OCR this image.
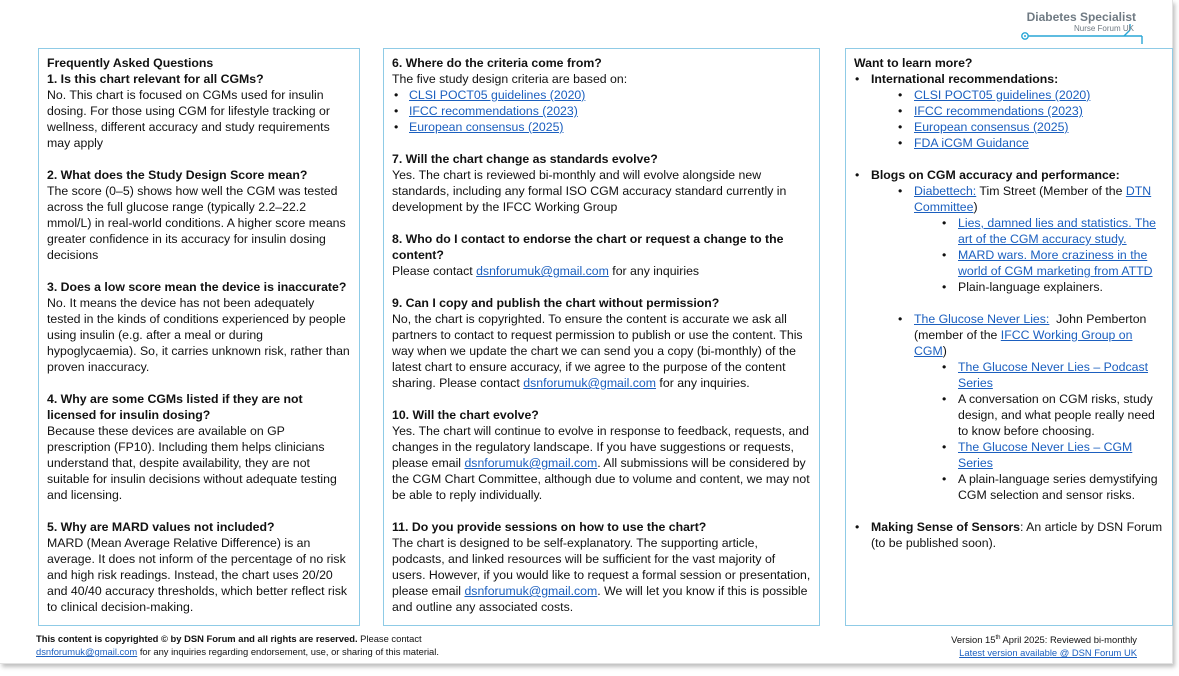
Diabetes Specialist
Nurse Forum UK

Frequently Asked Questions

1. Is this chart relevant for all CGMs?

No. This chart is focused on CGMs used for insulin dosing. For those using CGM for lifestyle tracking or wellness, different accuracy and study requirements may apply

2. What does the Study Design Score mean?

The score (0–5) shows how well the CGM was tested across the full glucose range (typically 2.2–22.2 mmol/L) in real-world conditions. A higher score means greater confidence in its accuracy for insulin dosing decisions

3. Does a low score mean the device is inaccurate?

No. It means the device has not been adequately tested in the kinds of conditions experienced by people using insulin (e.g. after a meal or during hypoglycaemia). So, it carries unknown risk, rather than proven inaccuracy.

4. Why are some CGMs listed if they are not licensed for insulin dosing?

Because these devices are available on GP prescription (FP10). Including them helps clinicians understand that, despite availability, they are not suitable for insulin decisions without adequate testing and licensing.

5. Why are MARD values not included?

MARD (Mean Average Relative Difference) is an average. It does not inform of the percentage of no risk and high risk readings. Instead, the chart uses 20/20 and 40/40 accuracy thresholds, which better reflect risk to clinical decision-making.

6. Where do the criteria come from?

The five study design criteria are based on:

• CLSI POCT05 guidelines (2020)
• IFCC recommendations (2023)
• European consensus (2025)

7. Will the chart change as standards evolve?

Yes. The chart is reviewed bi-monthly and will evolve alongside new standards, including any formal ISO CGM accuracy standard currently in development by the IFCC Working Group

8. Who do I contact to endorse the chart or request a change to the content?

Please contact dsnforumuk@gmail.com for any inquiries

9. Can I copy and publish the chart without permission?

No, the chart is copyrighted. To ensure the content is accurate we ask all partners to contact to request permission to publish or use the content. This way when we update the chart we can send you a copy (bi-monthly) of the latest chart to ensure accuracy, if we agree to the purpose of the content sharing. Please contact dsnforumuk@gmail.com for any inquiries.

10. Will the chart evolve?

Yes. The chart will continue to evolve in response to feedback, requests, and changes in the regulatory landscape. If you have suggestions or requests, please email dsnforumuk@gmail.com. All submissions will be considered by the CGM Chart Committee, although due to volume and content, we may not be able to reply individually.

11. Do you provide sessions on how to use the chart?

The chart is designed to be self-explanatory. The supporting article, podcasts, and linked resources will be sufficient for the vast majority of users. However, if you would like to request a formal session or presentation, please email dsnforumuk@gmail.com. We will let you know if this is possible and outline any associated costs.

Want to learn more?

• International recommendations:
• CLSI POCT05 guidelines (2020)
• IFCC recommendations (2023)
• European consensus (2025)
• FDA iCGM Guidance
• Blogs on CGM accuracy and performance:
• Diabettech: Tim Street (Member of the DTN Committee)
• Lies, damned lies and statistics. The art of the CGM accuracy study.
• MARD wars. More craziness in the world of CGM marketing from ATTD
• Plain-language explainers.
• The Glucose Never Lies:  John Pemberton (member of the IFCC Working Group on CGM)
• The Glucose Never Lies – Podcast Series
• A conversation on CGM risks, study design, and what people really need to know before choosing.
• The Glucose Never Lies – CGM Series
• A plain-language series demystifying CGM selection and sensor risks.
• Making Sense of Sensors: An article by DSN Forum (to be published soon).
This content is copyrighted © by DSN Forum and all rights are reserved. Please contact
dsnforumuk@gmail.com for any inquiries regarding endorsement, use, or sharing of this material.
Version 15th April 2025: Reviewed bi-monthly
Latest version available @ DSN Forum UK
